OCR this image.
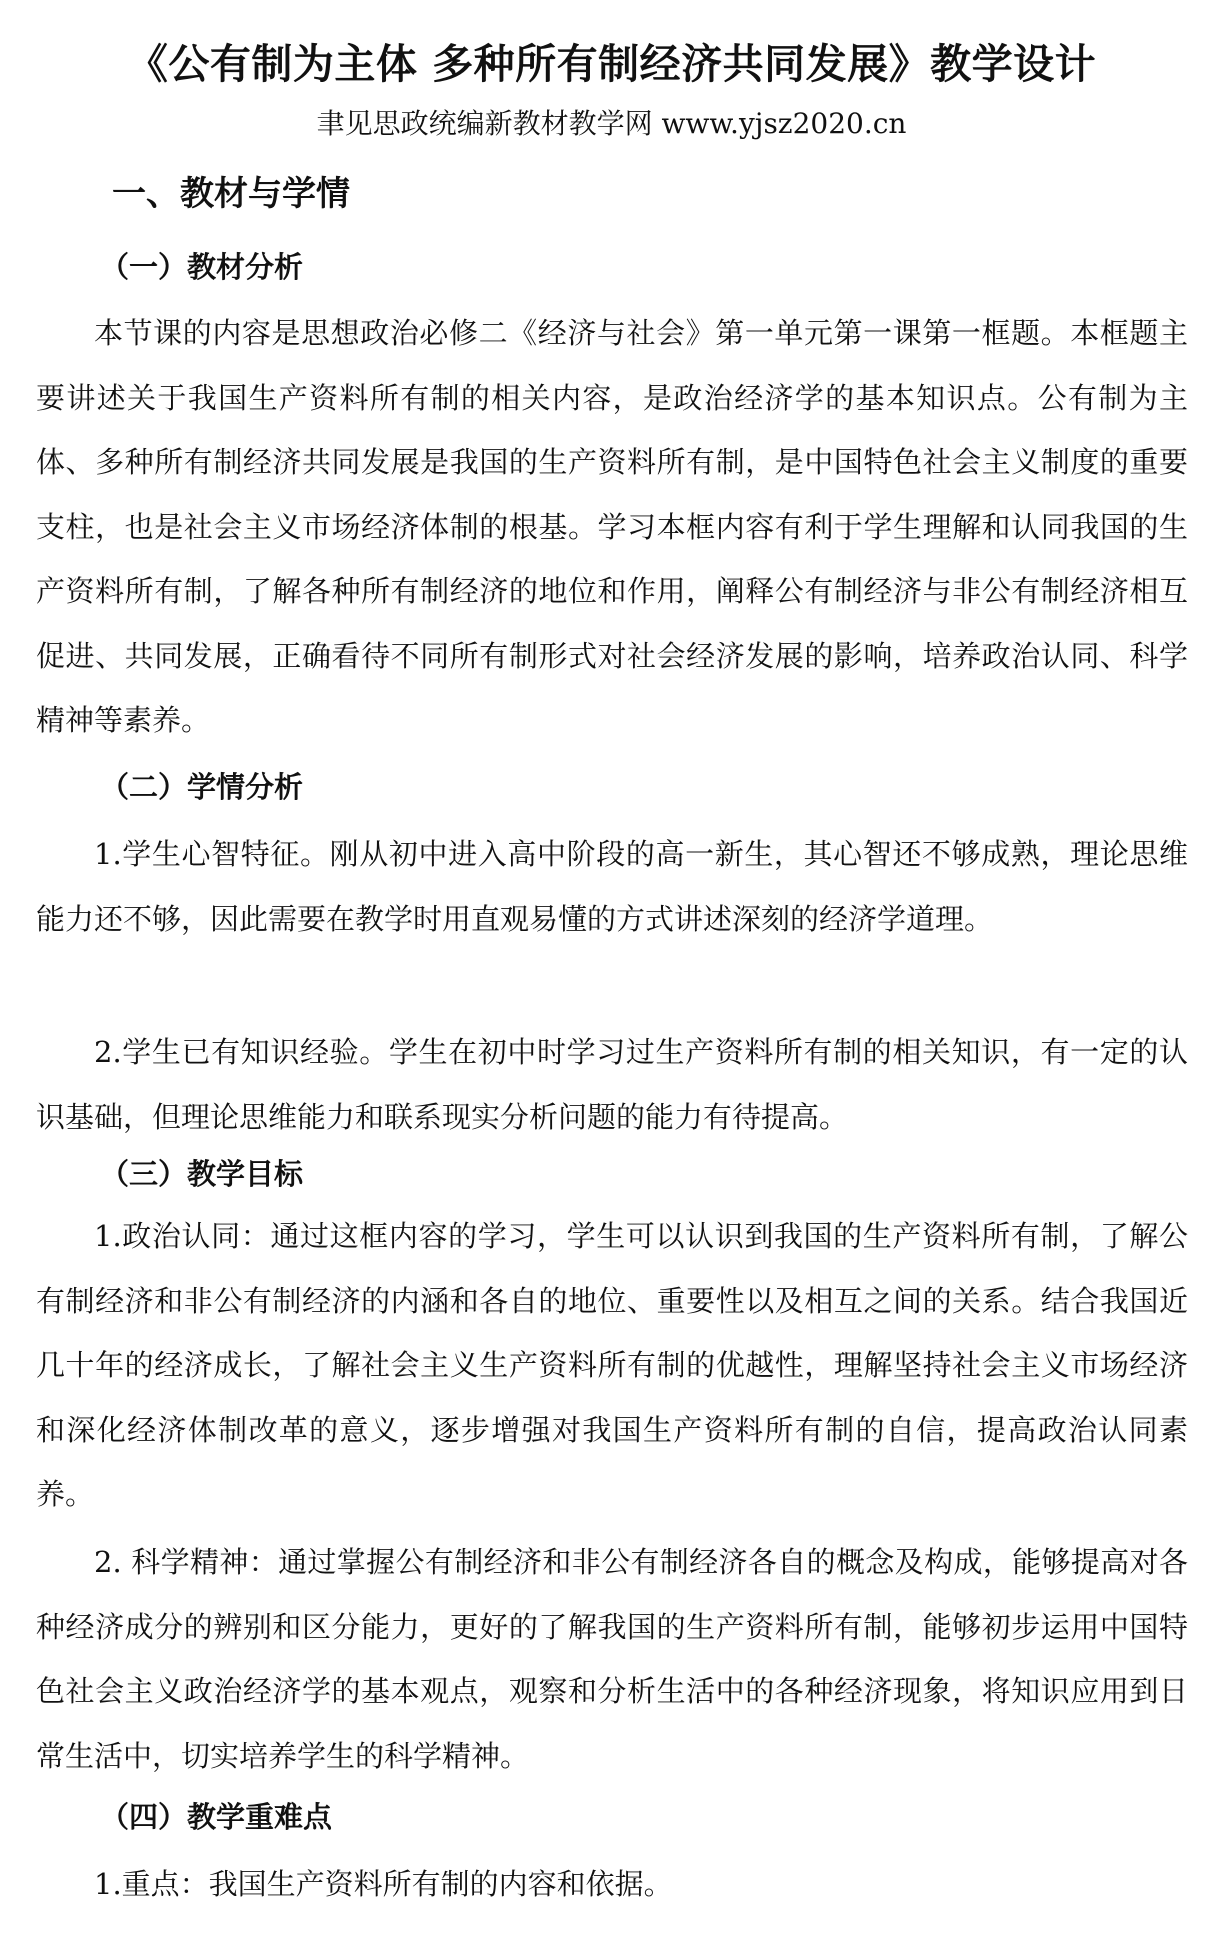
《公有制为主体 多种所有制经济共同发展》教学设计
聿见思政统编新教材教学网 www.yjsz2020.cn
一、教材与学情
（一）教材分析

本节课的内容是思想政治必修二《经济与社会》第一单元第一课第一框题。本框题主要讲述关于我国生产资料所有制的相关内容，是政治经济学的基本知识点。公有制为主体、多种所有制经济共同发展是我国的生产资料所有制，是中国特色社会主义制度的重要支柱，也是社会主义市场经济体制的根基。学习本框内容有利于学生理解和认同我国的生产资料所有制，了解各种所有制经济的地位和作用，阐释公有制经济与非公有制经济相互促进、共同发展，正确看待不同所有制形式对社会经济发展的影响，培养政治认同、科学精神等素养。

（二）学情分析

1.学生心智特征。刚从初中进入高中阶段的高一新生，其心智还不够成熟，理论思维能力还不够，因此需要在教学时用直观易懂的方式讲述深刻的经济学道理。

2.学生已有知识经验。学生在初中时学习过生产资料所有制的相关知识，有一定的认识基础，但理论思维能力和联系现实分析问题的能力有待提高。

（三）教学目标

1.政治认同：通过这框内容的学习，学生可以认识到我国的生产资料所有制，了解公有制经济和非公有制经济的内涵和各自的地位、重要性以及相互之间的关系。结合我国近几十年的经济成长，了解社会主义生产资料所有制的优越性，理解坚持社会主义市场经济和深化经济体制改革的意义，逐步增强对我国生产资料所有制的自信，提高政治认同素养。

2. 科学精神：通过掌握公有制经济和非公有制经济各自的概念及构成，能够提高对各种经济成分的辨别和区分能力，更好的了解我国的生产资料所有制，能够初步运用中国特色社会主义政治经济学的基本观点，观察和分析生活中的各种经济现象，将知识应用到日常生活中，切实培养学生的科学精神。

（四）教学重难点

1.重点：我国生产资料所有制的内容和依据。
